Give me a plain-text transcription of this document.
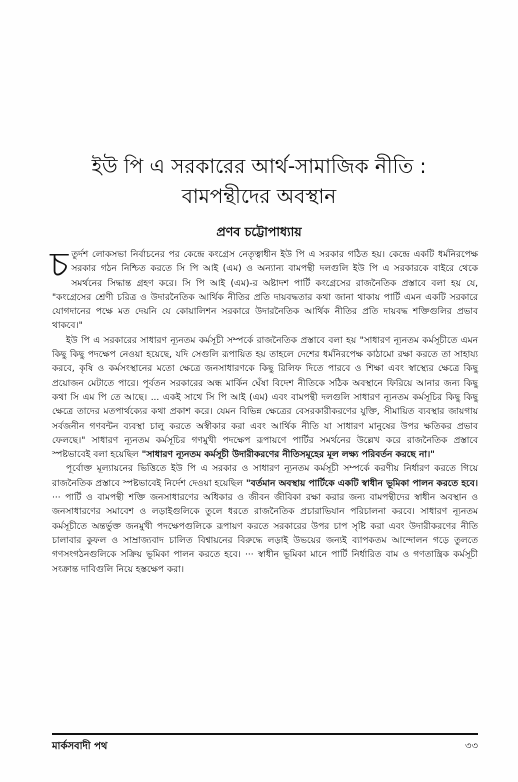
ইউ পি এ সরকারের আর্থ-সামাজিক নীতি :
বামপন্থীদের অবস্থান
প্রণব চট্টোপাধ্যায়

চতুর্দশ লোকসভা নির্বাচনের পর কেন্দ্রে কংগ্রেস নেতৃত্বাধীন ইউ পি এ সরকার গঠিত হয়। কেন্দ্রে একটি ধর্মনিরপেক্ষ সরকার গঠন নিশ্চিত করতে সি পি আই (এম) ও অন্যান্য বামপন্থী দলগুলি ইউ পি এ সরকারকে বাইরে থেকে সমর্থনের সিদ্ধান্ত গ্রহণ করে। সি পি আই (এম)-র অষ্টাদশ পার্টি কংগ্রেসের রাজনৈতিক প্রস্তাবে বলা হয় যে, "কংগ্রেসের শ্রেণী চরিত্র ও উদারনৈতিক আর্থিক নীতির প্রতি দায়বদ্ধতার কথা জানা থাকায় পার্টি এমন একটি সরকারে যোগদানের পক্ষে মত দেয়নি যে কোয়ালিশন সরকারে উদারনৈতিক আর্থিক নীতির প্রতি দায়বদ্ধ শক্তিগুলির প্রভাব থাকবে।"

ইউ পি এ সরকারের সাধারণ ন্যূনতম কর্মসূচী সম্পর্কে রাজনৈতিক প্রস্তাবে বলা হয় "সাধারণ ন্যূনতম কর্মসূচীতে এমন কিছু কিছু পদক্ষেপ নেওয়া হয়েছে, যদি সেগুলি রূপায়িত হয় তাহলে দেশের ধর্মনিরপেক্ষ কাঠামো রক্ষা করতে তা সাহায্য করবে, কৃষি ও কর্মসংস্থানের মতো ক্ষেত্রে জনসাধারণকে কিছু রিলিফ দিতে পারবে ও শিক্ষা এবং স্বাস্থ্যের ক্ষেত্রে কিছু প্রয়োজন মেটাতে পারে। পূর্বতন সরকারের অন্ধ মার্কিন ঘেঁষা বিদেশ নীতিকে সঠিক অবস্থানে ফিরিয়ে আনার জন্য কিছু কথা সি এম পি তে আছে। ... একই সাথে সি পি আই (এম) এবং বামপন্থী দলগুলি সাধারণ ন্যূনতম কর্মসূচির কিছু কিছু ক্ষেত্রে তাদের মতপার্থক্যের কথা প্রকাশ করে। যেমন বিভিন্ন ক্ষেত্রের বেসরকারীকরণের যুক্তি, সীমায়িত ব্যবস্থার জায়গায় সর্বজনীন গণবন্টন ব্যবস্থা চালু করতে অস্বীকার করা এবং আর্থিক নীতি যা সাধারণ মানুষের উপর ক্ষতিকর প্রভাব ফেলছে।" সাধারণ ন্যূনতম কর্মসূচির গণমুখী পদক্ষেপ রূপায়ণে পার্টির সমর্থনের উল্লেখ করে রাজনৈতিক প্রস্তাবে স্পষ্টভাবেই বলা হয়েছিল "সাধারণ ন্যূনতম কর্মসূচী উদারীকরণের নীতিসমূহের মূল লক্ষ্য পরিবর্তন করছে না।"

পূর্বোক্ত মূল্যায়নের ভিত্তিতে ইউ পি এ সরকার ও সাধারণ ন্যূনতম কর্মসূচী সম্পর্কে করণীয় নির্ধারণ করতে গিয়ে রাজনৈতিক প্রস্তাবে স্পষ্টভাবেই নির্দেশ দেওয়া হয়েছিল "বর্তমান অবস্থায় পার্টিকে একটি স্বাধীন ভূমিকা পালন করতে হবে। ··· পার্টি ও বামপন্থী শক্তি জনসাধারণের অধিকার ও জীবন জীবিকা রক্ষা করার জন্য বামপন্থীদের স্বাধীন অবস্থান ও জনসাধারণের সমাবেশ ও লড়াইগুলিকে তুলে ধরতে রাজনৈতিক প্রচারাভিযান পরিচালনা করবে। সাধারণ ন্যূনতম কর্মসূচীতে অন্তর্ভুক্ত জনমুখী পদক্ষেপগুলিকে রূপায়ণ করতে সরকারের উপর চাপ সৃষ্টি করা এবং উদারীকরণের নীতি চালাবার কুফল ও সাম্রাজ্যবাদ চালিত বিশ্বায়নের বিরুদ্ধে লড়াই উভয়ের জন্যই ব্যাপকতম আন্দোলন গড়ে তুলতে গণসংগঠনগুলিকে সক্রিয় ভূমিকা পালন করতে হবে। ··· স্বাধীন ভূমিকা মানে পার্টি নির্ধারিত বাম ও গণতান্ত্রিক কর্মসূচী সংক্রান্ত দাবিগুলি নিয়ে হস্তক্ষেপ করা।

মার্কসবাদী পথ	৩৩
